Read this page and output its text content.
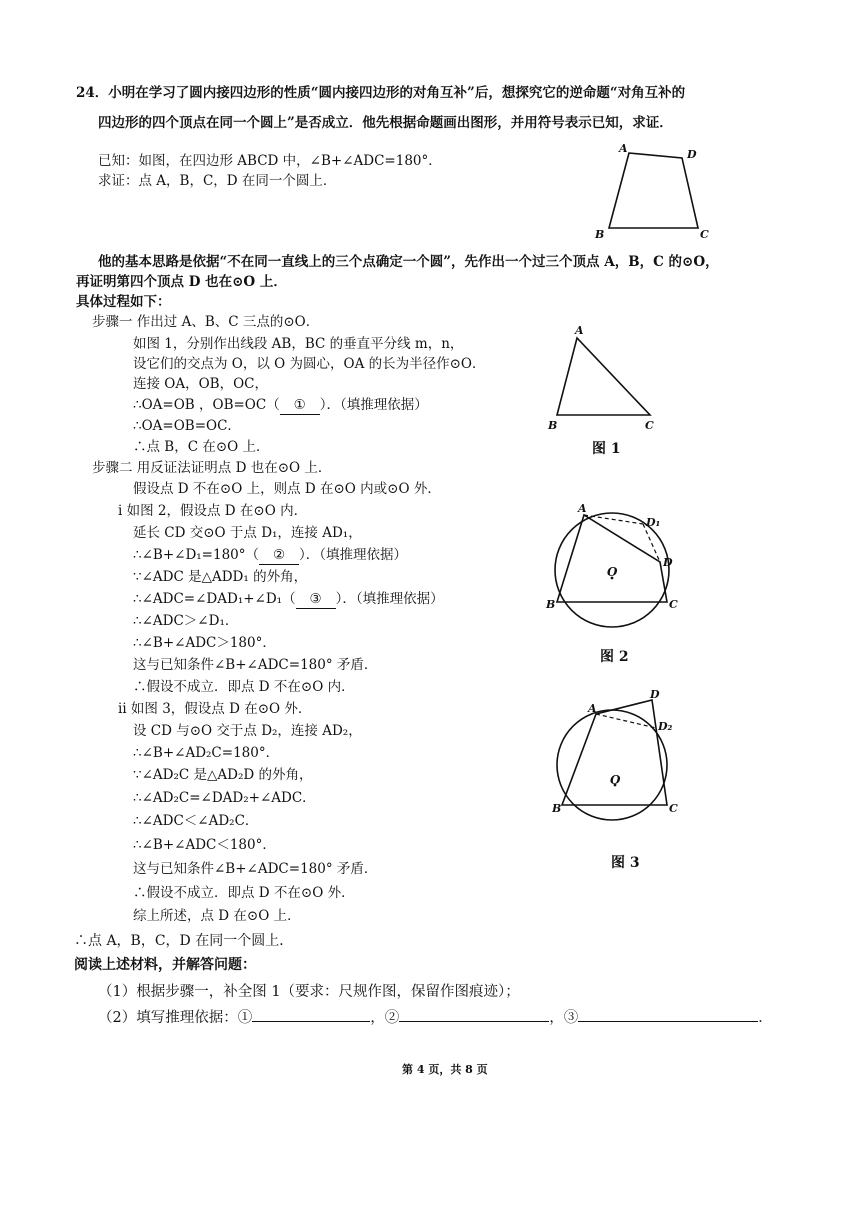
24．小明在学习了圆内接四边形的性质“圆内接四边形的对角互补”后，想探究它的逆命题“对角互补的
四边形的四个顶点在同一个圆上”是否成立．他先根据命题画出图形，并用符号表示已知，求证．
已知：如图，在四边形 ABCD 中，∠B+∠ADC=180°．
求证：点 A，B，C，D 在同一个圆上．
A	D
B	C
他的基本思路是依据“不在同一直线上的三个点确定一个圆”，先作出一个过三个顶点 A，B，C 的⊙O，
再证明第四个顶点 D 也在⊙O 上．
具体过程如下：
步骤一 作出过 A、B、C 三点的⊙O．
如图 1，分别作出线段 AB，BC 的垂直平分线 m，n，
设它们的交点为 O，以 O 为圆心，OA 的长为半径作⊙O．
连接 OA，OB，OC，
∴OA=OB ，OB=OC（ ① ）．（填推理依据）
∴OA=OB=OC．
∴点 B，C 在⊙O 上．
A
B	C
图 1
步骤二 用反证法证明点 D 也在⊙O 上．
假设点 D 不在⊙O 上，则点 D 在⊙O 内或⊙O 外．
ⅰ 如图 2，假设点 D 在⊙O 内．
延长 CD 交⊙O 于点 D₁，连接 AD₁，
∴∠B+∠D₁=180°（ ② ）．（填推理依据）
∵∠ADC 是△ADD₁ 的外角，
∴∠ADC=∠DAD₁+∠D₁（ ③ ）．（填推理依据）
∴∠ADC＞∠D₁．
∴∠B+∠ADC＞180°．
这与已知条件∠B+∠ADC=180° 矛盾．
∴假设不成立．即点 D 不在⊙O 内．
A
D₁
D
O
B	C
图 2
ⅱ 如图 3，假设点 D 在⊙O 外．
设 CD 与⊙O 交于点 D₂，连接 AD₂，
∴∠B+∠AD₂C=180°．
∵∠AD₂C 是△AD₂D 的外角，
∴∠AD₂C=∠DAD₂+∠ADC．
∴∠ADC＜∠AD₂C．
∴∠B+∠ADC＜180°．
这与已知条件∠B+∠ADC=180° 矛盾．
∴假设不成立．即点 D 不在⊙O 外．
综上所述，点 D 在⊙O 上．
A
D
D₂
O
B	C
图 3
∴点 A，B，C，D 在同一个圆上．
阅读上述材料，并解答问题：
（1）根据步骤一，补全图 1（要求：尺规作图，保留作图痕迹）；
（2）填写推理依据：①	，②	，③	．
第 4 页，共 8 页
